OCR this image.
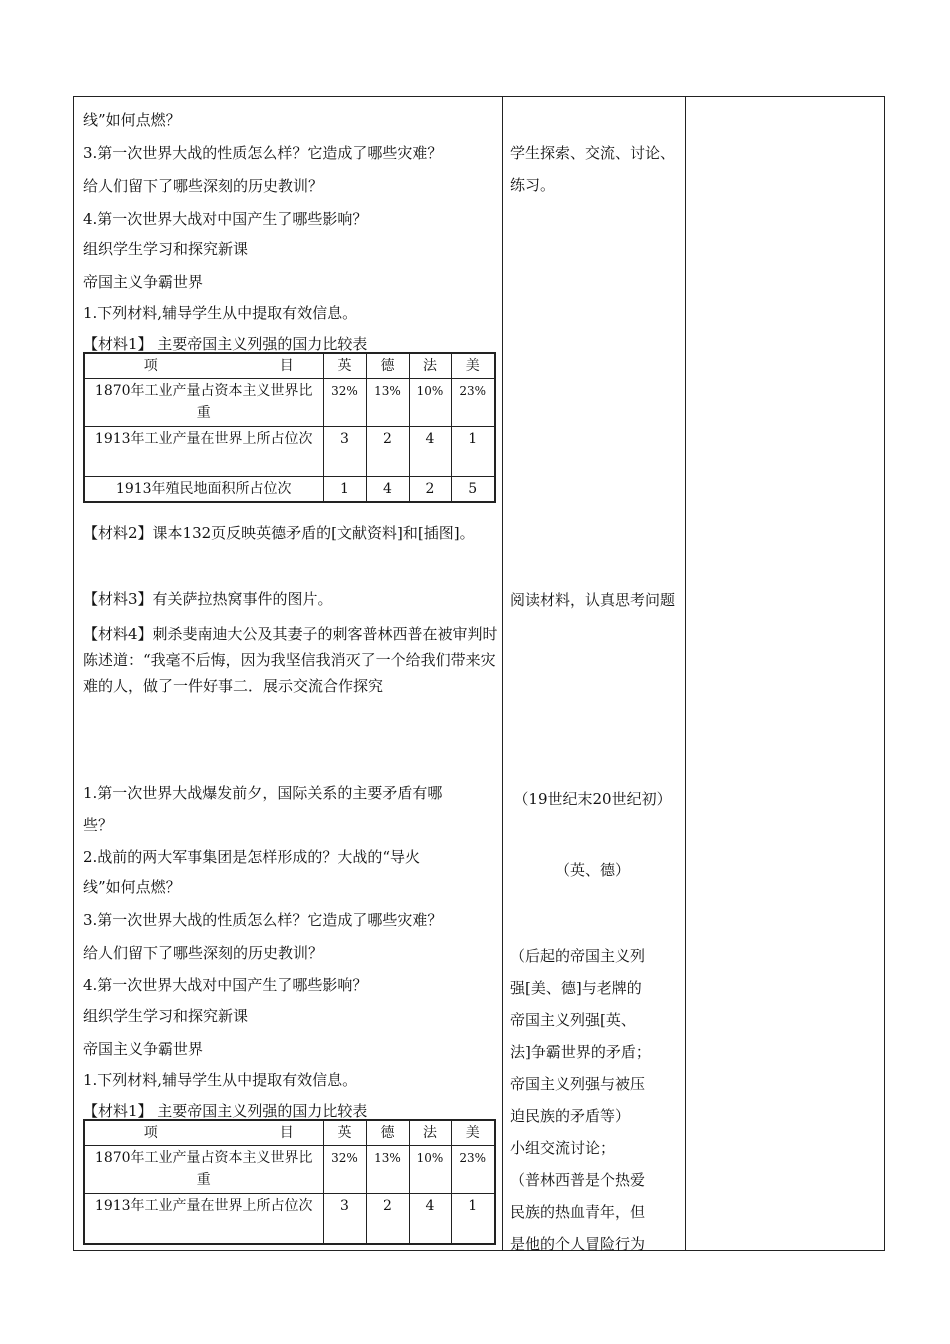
线”如何点燃？
3.第一次世界大战的性质怎么样？它造成了哪些灾难？
给人们留下了哪些深刻的历史教训？
4.第一次世界大战对中国产生了哪些影响？
组织学生学习和探究新课
帝国主义争霸世界
1.下列材料,辅导学生从中提取有效信息。
【材料1】 主要帝国主义列强的国力比较表
项 目	英	德	法	美
1870年工业产量占资本主义世界比重	32%	13%	10%	23%
1913年工业产量在世界上所占位次	3	2	4	1
1913年殖民地面积所占位次	1	4	2	5
【材料2】课本132页反映英德矛盾的[文献资料]和[插图]。
【材料3】有关萨拉热窝事件的图片。
【材料4】刺杀斐南迪大公及其妻子的刺客普林西普在被审判时陈述道：“我毫不后悔，因为我坚信我消灭了一个给我们带来灾难的人，做了一件好事二．展示交流合作探究
1.第一次世界大战爆发前夕，国际关系的主要矛盾有哪
些？
2.战前的两大军事集团是怎样形成的？大战的“导火
线”如何点燃？
3.第一次世界大战的性质怎么样？它造成了哪些灾难？
给人们留下了哪些深刻的历史教训？
4.第一次世界大战对中国产生了哪些影响？
组织学生学习和探究新课
帝国主义争霸世界
1.下列材料,辅导学生从中提取有效信息。
【材料1】 主要帝国主义列强的国力比较表
项 目	英	德	法	美
1870年工业产量占资本主义世界比重	32%	13%	10%	23%
1913年工业产量在世界上所占位次	3	2	4	1
学生探索、交流、讨论、练习。
阅读材料，认真思考问题
（19世纪末20世纪初）
（英、德）
（后起的帝国主义列
强[美、德]与老牌的
帝国主义列强[英、
法]争霸世界的矛盾；
帝国主义列强与被压
迫民族的矛盾等）
小组交流讨论；
（普林西普是个热爱
民族的热血青年，但
是他的个人冒险行为
